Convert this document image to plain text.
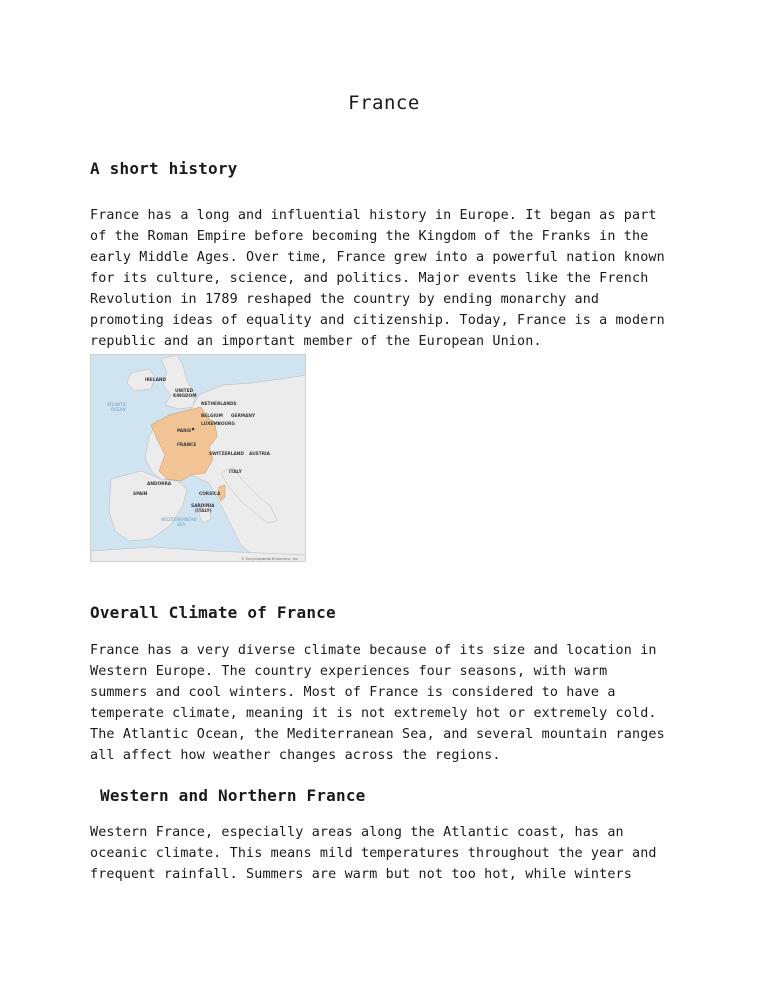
France
A short history

France has a long and influential history in Europe. It began as part
of the Roman Empire before becoming the Kingdom of the Franks in the
early Middle Ages. Over time, France grew into a powerful nation known
for its culture, science, and politics. Major events like the French
Revolution in 1789 reshaped the country by ending monarchy and
promoting ideas of equality and citizenship. Today, France is a modern
republic and an important member of the European Union.

IRELAND
UNITED
KINGDOM
ATLANTIC
OCEAN
NETHERLANDS
BELGIUM GERMANY
LUXEMBOURG
PARIS
FRANCE
SWITZERLAND AUSTRIA
ITALY
ANDORRA
SPAIN	CORSICA
SARDINIA
(ITALY)
MEDITERRANEAN
SEA
© Encyclopædia Britannica, Inc.
Overall Climate of France

France has a very diverse climate because of its size and location in
Western Europe. The country experiences four seasons, with warm
summers and cool winters. Most of France is considered to have a
temperate climate, meaning it is not extremely hot or extremely cold.
The Atlantic Ocean, the Mediterranean Sea, and several mountain ranges
all affect how weather changes across the regions.

Western and Northern France

Western France, especially areas along the Atlantic coast, has an
oceanic climate. This means mild temperatures throughout the year and
frequent rainfall. Summers are warm but not too hot, while winters
